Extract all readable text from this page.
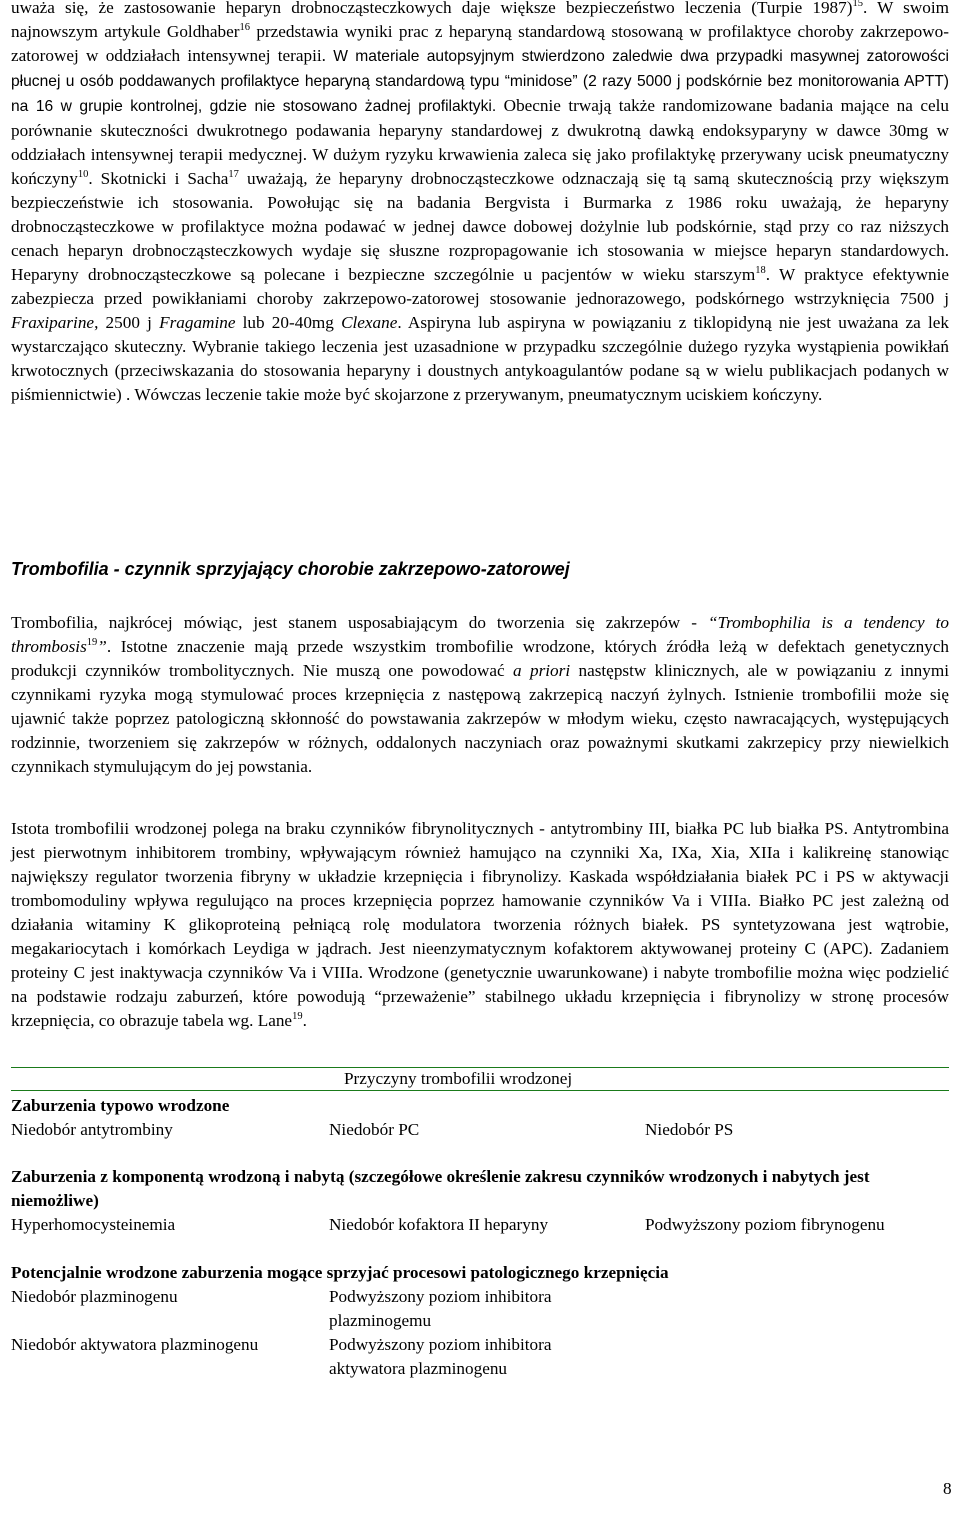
uważa się, że zastosowanie heparyn drobnocząsteczkowych daje większe bezpieczeństwo leczenia (Turpie 1987)$^{15}$. W swoim najnowszym artykule Goldhaber$^{16}$ przedstawia wyniki prac z heparyną standardową stosowaną w profilaktyce choroby zakrzepowo-zatorowej w oddziałach intensywnej terapii. W materiale autopsyjnym stwierdzono zaledwie dwa przypadki masywnej zatorowości płucnej u osób poddawanych profilaktyce heparyną standardową typu “minidose” (2 razy 5000 j podskórnie bez monitorowania APTT) na 16 w grupie kontrolnej, gdzie nie stosowano żadnej profilaktyki. Obecnie trwają także randomizowane badania mające na celu porównanie skuteczności dwukrotnego podawania heparyny standardowej z dwukrotną dawką endoksyparyny w dawce 30mg w oddziałach intensywnej terapii medycznej. W dużym ryzyku krwawienia zaleca się jako profilaktykę przerywany ucisk pneumatyczny kończyny$^{10}$. Skotnicki i Sacha$^{17}$ uważają, że heparyny drobnocząsteczkowe odznaczają się tą samą skutecznością przy większym bezpieczeństwie ich stosowania. Powołując się na badania Bergvista i Burmarka z 1986 roku uważają, że heparyny drobnocząsteczkowe w profilaktyce można podawać w jednej dawce dobowej dożylnie lub podskórnie, stąd przy co raz niższych cenach heparyn drobnocząsteczkowych wydaje się słuszne rozpropagowanie ich stosowania w miejsce heparyn standardowych. Heparyny drobnocząsteczkowe są polecane i bezpieczne szczególnie u pacjentów w wieku starszym$^{18}$. W praktyce efektywnie zabezpiecza przed powikłaniami choroby zakrzepowo-zatorowej stosowanie jednorazowego, podskórnego wstrzyknięcia 7500 j Fraxiparine, 2500 j Fragamine lub 20-40mg Clexane. Aspiryna lub aspiryna w powiązaniu z tiklopidyną nie jest uważana za lek wystarczająco skuteczny. Wybranie takiego leczenia jest uzasadnione w przypadku szczególnie dużego ryzyka wystąpienia powikłań krwotocznych (przeciwskazania do stosowania heparyny i doustnych antykoagulantów podane są w wielu publikacjach podanych w piśmiennictwie) . Wówczas leczenie takie może być skojarzone z przerywanym, pneumatycznym uciskiem kończyny.

Trombofilia - czynnik sprzyjający chorobie zakrzepowo-zatorowej

Trombofilia, najkrócej mówiąc, jest stanem usposabiającym do tworzenia się zakrzepów - “Trombophilia is a tendency to thrombosis$^{19}$”. Istotne znaczenie mają przede wszystkim trombofilie wrodzone, których źródła leżą w defektach genetycznych produkcji czynników trombolitycznych. Nie muszą one powodować a priori następstw klinicznych, ale w powiązaniu z innymi czynnikami ryzyka mogą stymulować proces krzepnięcia z następową zakrzepicą naczyń żylnych. Istnienie trombofilii może się ujawnić także poprzez patologiczną skłonność do powstawania zakrzepów w młodym wieku, często nawracających, występujących rodzinnie, tworzeniem się zakrzepów w różnych, oddalonych naczyniach oraz poważnymi skutkami zakrzepicy przy niewielkich czynnikach stymulującym do jej powstania.

Istota trombofilii wrodzonej polega na braku czynników fibrynolitycznych - antytrombiny III, białka PC lub białka PS. Antytrombina jest pierwotnym inhibitorem trombiny, wpływającym również hamująco na czynniki Xa, IXa, Xia, XIIa i kalikreinę stanowiąc największy regulator tworzenia fibryny w układzie krzepnięcia i fibrynolizy. Kaskada współdziałania białek PC i PS w aktywacji trombomoduliny wpływa regulująco na proces krzepnięcia poprzez hamowanie czynników Va i VIIIa. Białko PC jest zależną od działania witaminy K glikoproteiną pełniącą rolę modulatora tworzenia różnych białek. PS syntetyzowana jest wątrobie, megakariocytach i komórkach Leydiga w jądrach. Jest nieenzymatycznym kofaktorem aktywowanej proteiny C (APC). Zadaniem proteiny C jest inaktywacja czynników Va i VIIIa. Wrodzone (genetycznie uwarunkowane) i nabyte trombofilie można więc podzielić na podstawie rodzaju zaburzeń, które powodują “przeważenie” stabilnego układu krzepnięcia i fibrynolizy w stronę procesów krzepnięcia, co obrazuje tabela wg. Lane$^{19}$.

Przyczyny trombofilii wrodzonej
Zaburzenia typowo wrodzone
Niedobór antytrombiny	Niedobór PC	Niedobór PS
Zaburzenia z komponentą wrodzoną i nabytą (szczegółowe określenie zakresu czynników wrodzonych i nabytych jest niemożliwe)
Hyperhomocysteinemia	Niedobór kofaktora II heparyny	Podwyższony poziom fibrynogenu
Potencjalnie wrodzone zaburzenia mogące sprzyjać procesowi patologicznego krzepnięcia
Niedobór plazminogenu	Podwyższony poziom inhibitora
plazminogemu
Niedobór aktywatora plazminogenu	Podwyższony poziom inhibitora
aktywatora plazminogenu
8
